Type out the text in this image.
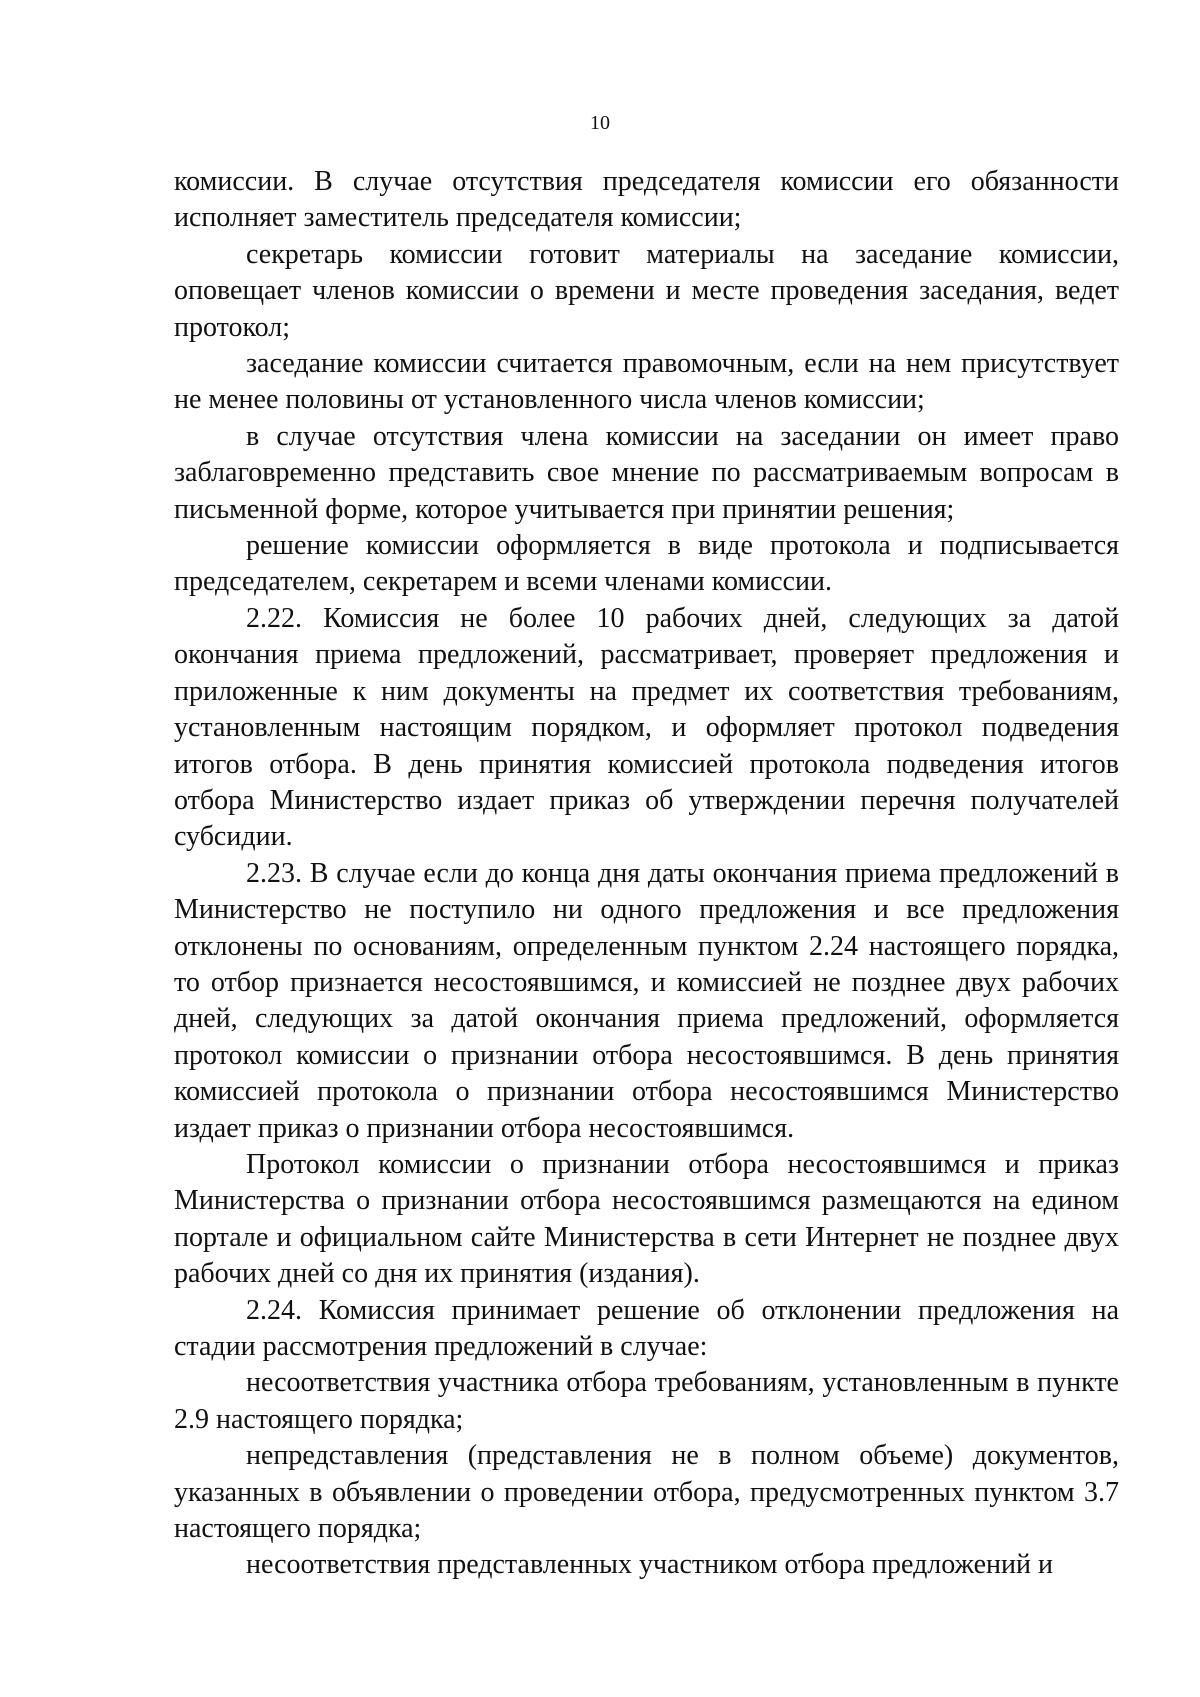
10

комиссии. В случае отсутствия председателя комиссии его обязанности исполняет заместитель председателя комиссии;

секретарь комиссии готовит материалы на заседание комиссии, оповещает членов комиссии о времени и месте проведения заседания, ведет протокол;

заседание комиссии считается правомочным, если на нем присутствует не менее половины от установленного числа членов комиссии;

в случае отсутствия члена комиссии на заседании он имеет право заблаговременно представить свое мнение по рассматриваемым вопросам в письменной форме, которое учитывается при принятии решения;

решение комиссии оформляется в виде протокола и подписывается председателем, секретарем и всеми членами комиссии.

2.22. Комиссия не более 10 рабочих дней, следующих за датой окончания приема предложений, рассматривает, проверяет предложения и приложенные к ним документы на предмет их соответствия требованиям, установленным настоящим порядком, и оформляет протокол подведения итогов отбора. В день принятия комиссией протокола подведения итогов отбора Министерство издает приказ об утверждении перечня получателей субсидии.

2.23. В случае если до конца дня даты окончания приема предложений в Министерство не поступило ни одного предложения и все предложения отклонены по основаниям, определенным пунктом 2.24 настоящего порядка, то отбор признается несостоявшимся, и комиссией не позднее двух рабочих дней, следующих за датой окончания приема предложений, оформляется протокол комиссии о признании отбора несостоявшимся. В день принятия комиссией протокола о признании отбора несостоявшимся Министерство издает приказ о признании отбора несостоявшимся.

Протокол комиссии о признании отбора несостоявшимся и приказ Министерства о признании отбора несостоявшимся размещаются на едином портале и официальном сайте Министерства в сети Интернет не позднее двух рабочих дней со дня их принятия (издания).

2.24. Комиссия принимает решение об отклонении предложения на стадии рассмотрения предложений в случае:

несоответствия участника отбора требованиям, установленным в пункте 2.9 настоящего порядка;

непредставления (представления не в полном объеме) документов, указанных в объявлении о проведении отбора, предусмотренных пунктом 3.7 настоящего порядка;

несоответствия представленных участником отбора предложений и
